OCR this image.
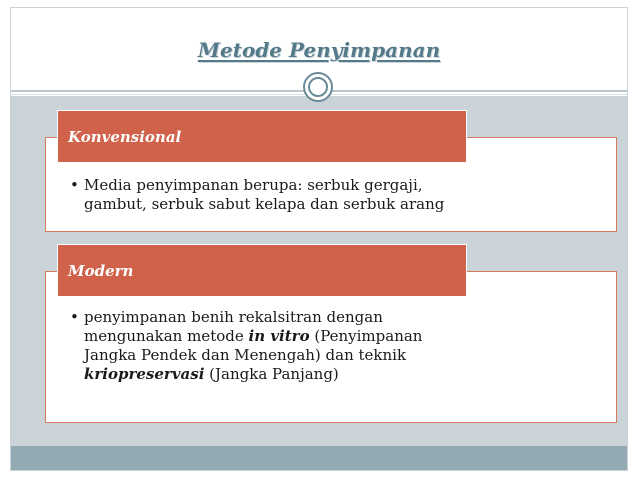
Metode Penyimpanan
• Media penyimpanan berupa: serbuk gergaji,
gambut, serbuk sabut kelapa dan serbuk arang
Konvensional
• penyimpanan benih rekalsitran dengan
mengunakan metode in vitro (Penyimpanan
Jangka Pendek dan Menengah) dan teknik
kriopreservasi (Jangka Panjang)
Modern
